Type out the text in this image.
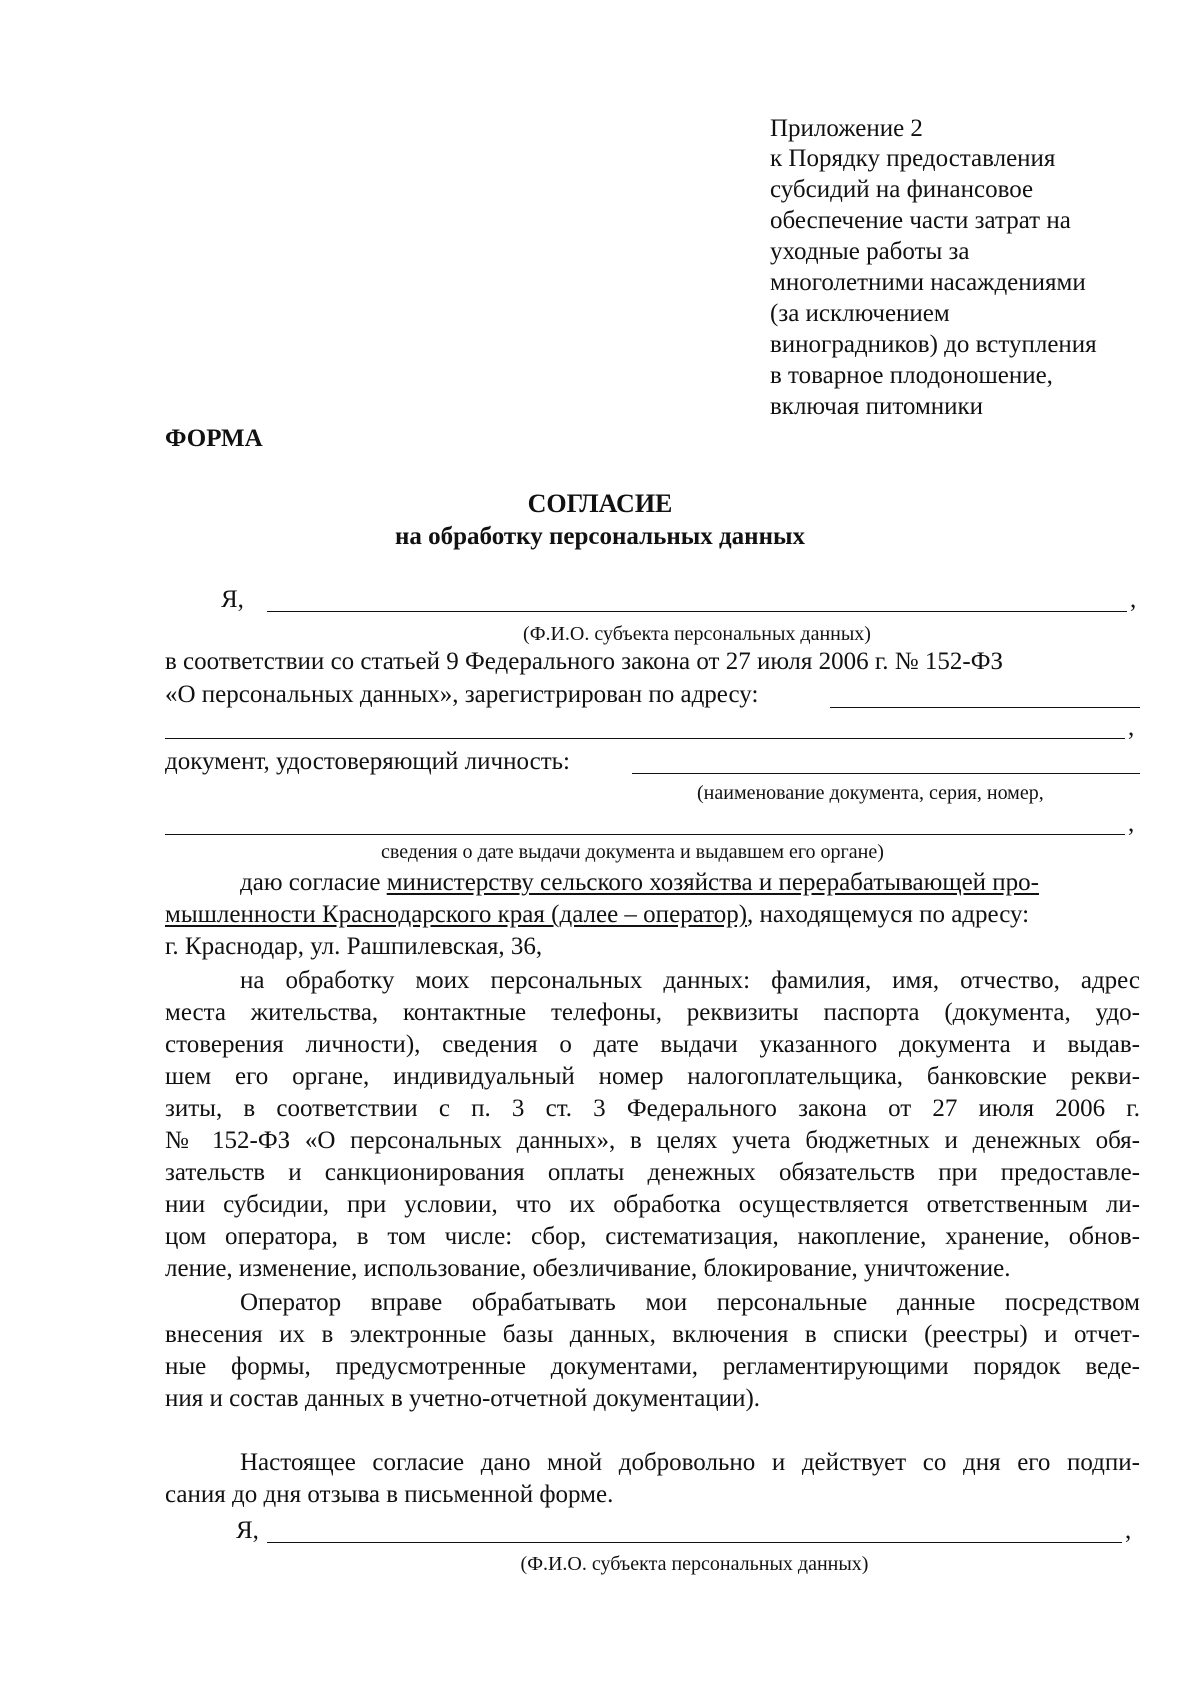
Приложение 2
к Порядку предоставления
субсидий на финансовое
обеспечение части затрат на
уходные работы за
многолетними насаждениями
(за исключением
виноградников) до вступления
в товарное плодоношение,
включая питомники
ФОРМА
СОГЛАСИЕ
на обработку персональных данных
Я,	,
(Ф.И.О. субъекта персональных данных)
в соответствии со статьей 9 Федерального закона от 27 июля 2006 г. № 152-ФЗ
«О персональных данных», зарегистрирован по адресу:
,
документ, удостоверяющий личность:
(наименование документа, серия, номер,
,
сведения о дате выдачи документа и выдавшем его органе)
даю согласие министерству сельского хозяйства и перерабатывающей про-
мышленности Краснодарского края (далее – оператор), находящемуся по адресу:
г. Краснодар, ул. Рашпилевская, 36,
на обработку моих персональных данных: фамилия, имя, отчество, адрес
места жительства, контактные телефоны, реквизиты паспорта (документа, удо-
стоверения личности), сведения о дате выдачи указанного документа и выдав-
шем его органе, индивидуальный номер налогоплательщика, банковские рекви-
зиты, в соответствии с п. 3 ст. 3 Федерального закона от 27 июля 2006 г.
№ 152-ФЗ «О персональных данных», в целях учета бюджетных и денежных обя-
зательств и санкционирования оплаты денежных обязательств при предоставле-
нии субсидии, при условии, что их обработка осуществляется ответственным ли-
цом оператора, в том числе: сбор, систематизация, накопление, хранение, обнов-
ление, изменение, использование, обезличивание, блокирование, уничтожение.
Оператор вправе обрабатывать мои персональные данные посредством
внесения их в электронные базы данных, включения в списки (реестры) и отчет-
ные формы, предусмотренные документами, регламентирующими порядок веде-
ния и состав данных в учетно-отчетной документации).
Настоящее согласие дано мной добровольно и действует со дня его подпи-
сания до дня отзыва в письменной форме.
Я,	,
(Ф.И.О. субъекта персональных данных)
